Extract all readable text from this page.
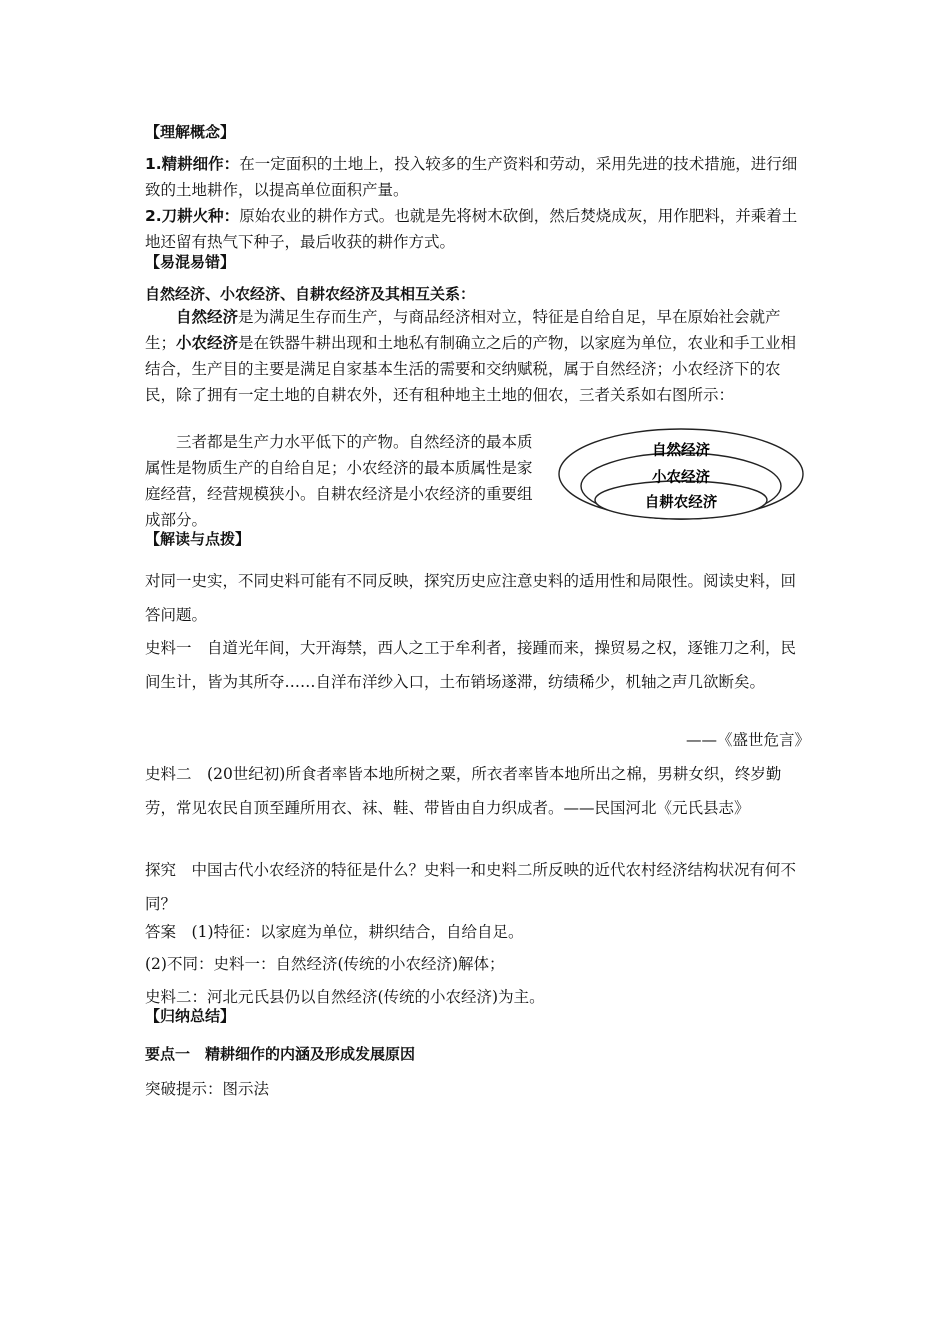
【理解概念】
1.精耕细作：在一定面积的土地上，投入较多的生产资料和劳动，采用先进的技术措施，进行细致的土地耕作，以提高单位面积产量。
2.刀耕火种：原始农业的耕作方式。也就是先将树木砍倒，然后焚烧成灰，用作肥料，并乘着土地还留有热气下种子，最后收获的耕作方式。
【易混易错】
自然经济、小农经济、自耕农经济及其相互关系：
自然经济是为满足生存而生产，与商品经济相对立，特征是自给自足，早在原始社会就产生；小农经济是在铁器牛耕出现和土地私有制确立之后的产物，以家庭为单位，农业和手工业相结合，生产目的主要是满足自家基本生活的需要和交纳赋税，属于自然经济；小农经济下的农民，除了拥有一定土地的自耕农外，还有租种地主土地的佃农，三者关系如右图所示：
三者都是生产力水平低下的产物。自然经济的最本质属性是物质生产的自给自足；小农经济的最本质属性是家庭经营，经营规模狭小。自耕农经济是小农经济的重要组成部分。
自然经济
小农经济
自耕农经济
【解读与点拨】
对同一史实，不同史料可能有不同反映，探究历史应注意史料的适用性和局限性。阅读史料，回答问题。
史料一　 自道光年间，大开海禁，西人之工于牟利者，接踵而来，操贸易之权，逐锥刀之利，民间生计，皆为其所夺……自洋布洋纱入口，土布销场遂滞，纺绩稀少，机轴之声几欲断矣。
——《盛世危言》
史料二　 (20世纪初)所食者率皆本地所树之粟，所衣者率皆本地所出之棉，男耕女织，终岁勤劳，常见农民自顶至踵所用衣、袜、鞋、带皆由自力织成者。——民国河北《元氏县志》
探究　 中国古代小农经济的特征是什么？史料一和史料二所反映的近代农村经济结构状况有何不同？
答案　 (1)特征：以家庭为单位，耕织结合，自给自足。
(2)不同：史料一：自然经济(传统的小农经济)解体；
史料二：河北元氏县仍以自然经济(传统的小农经济)为主。
【归纳总结】
要点一　精耕细作的内涵及形成发展原因
突破提示：图示法
